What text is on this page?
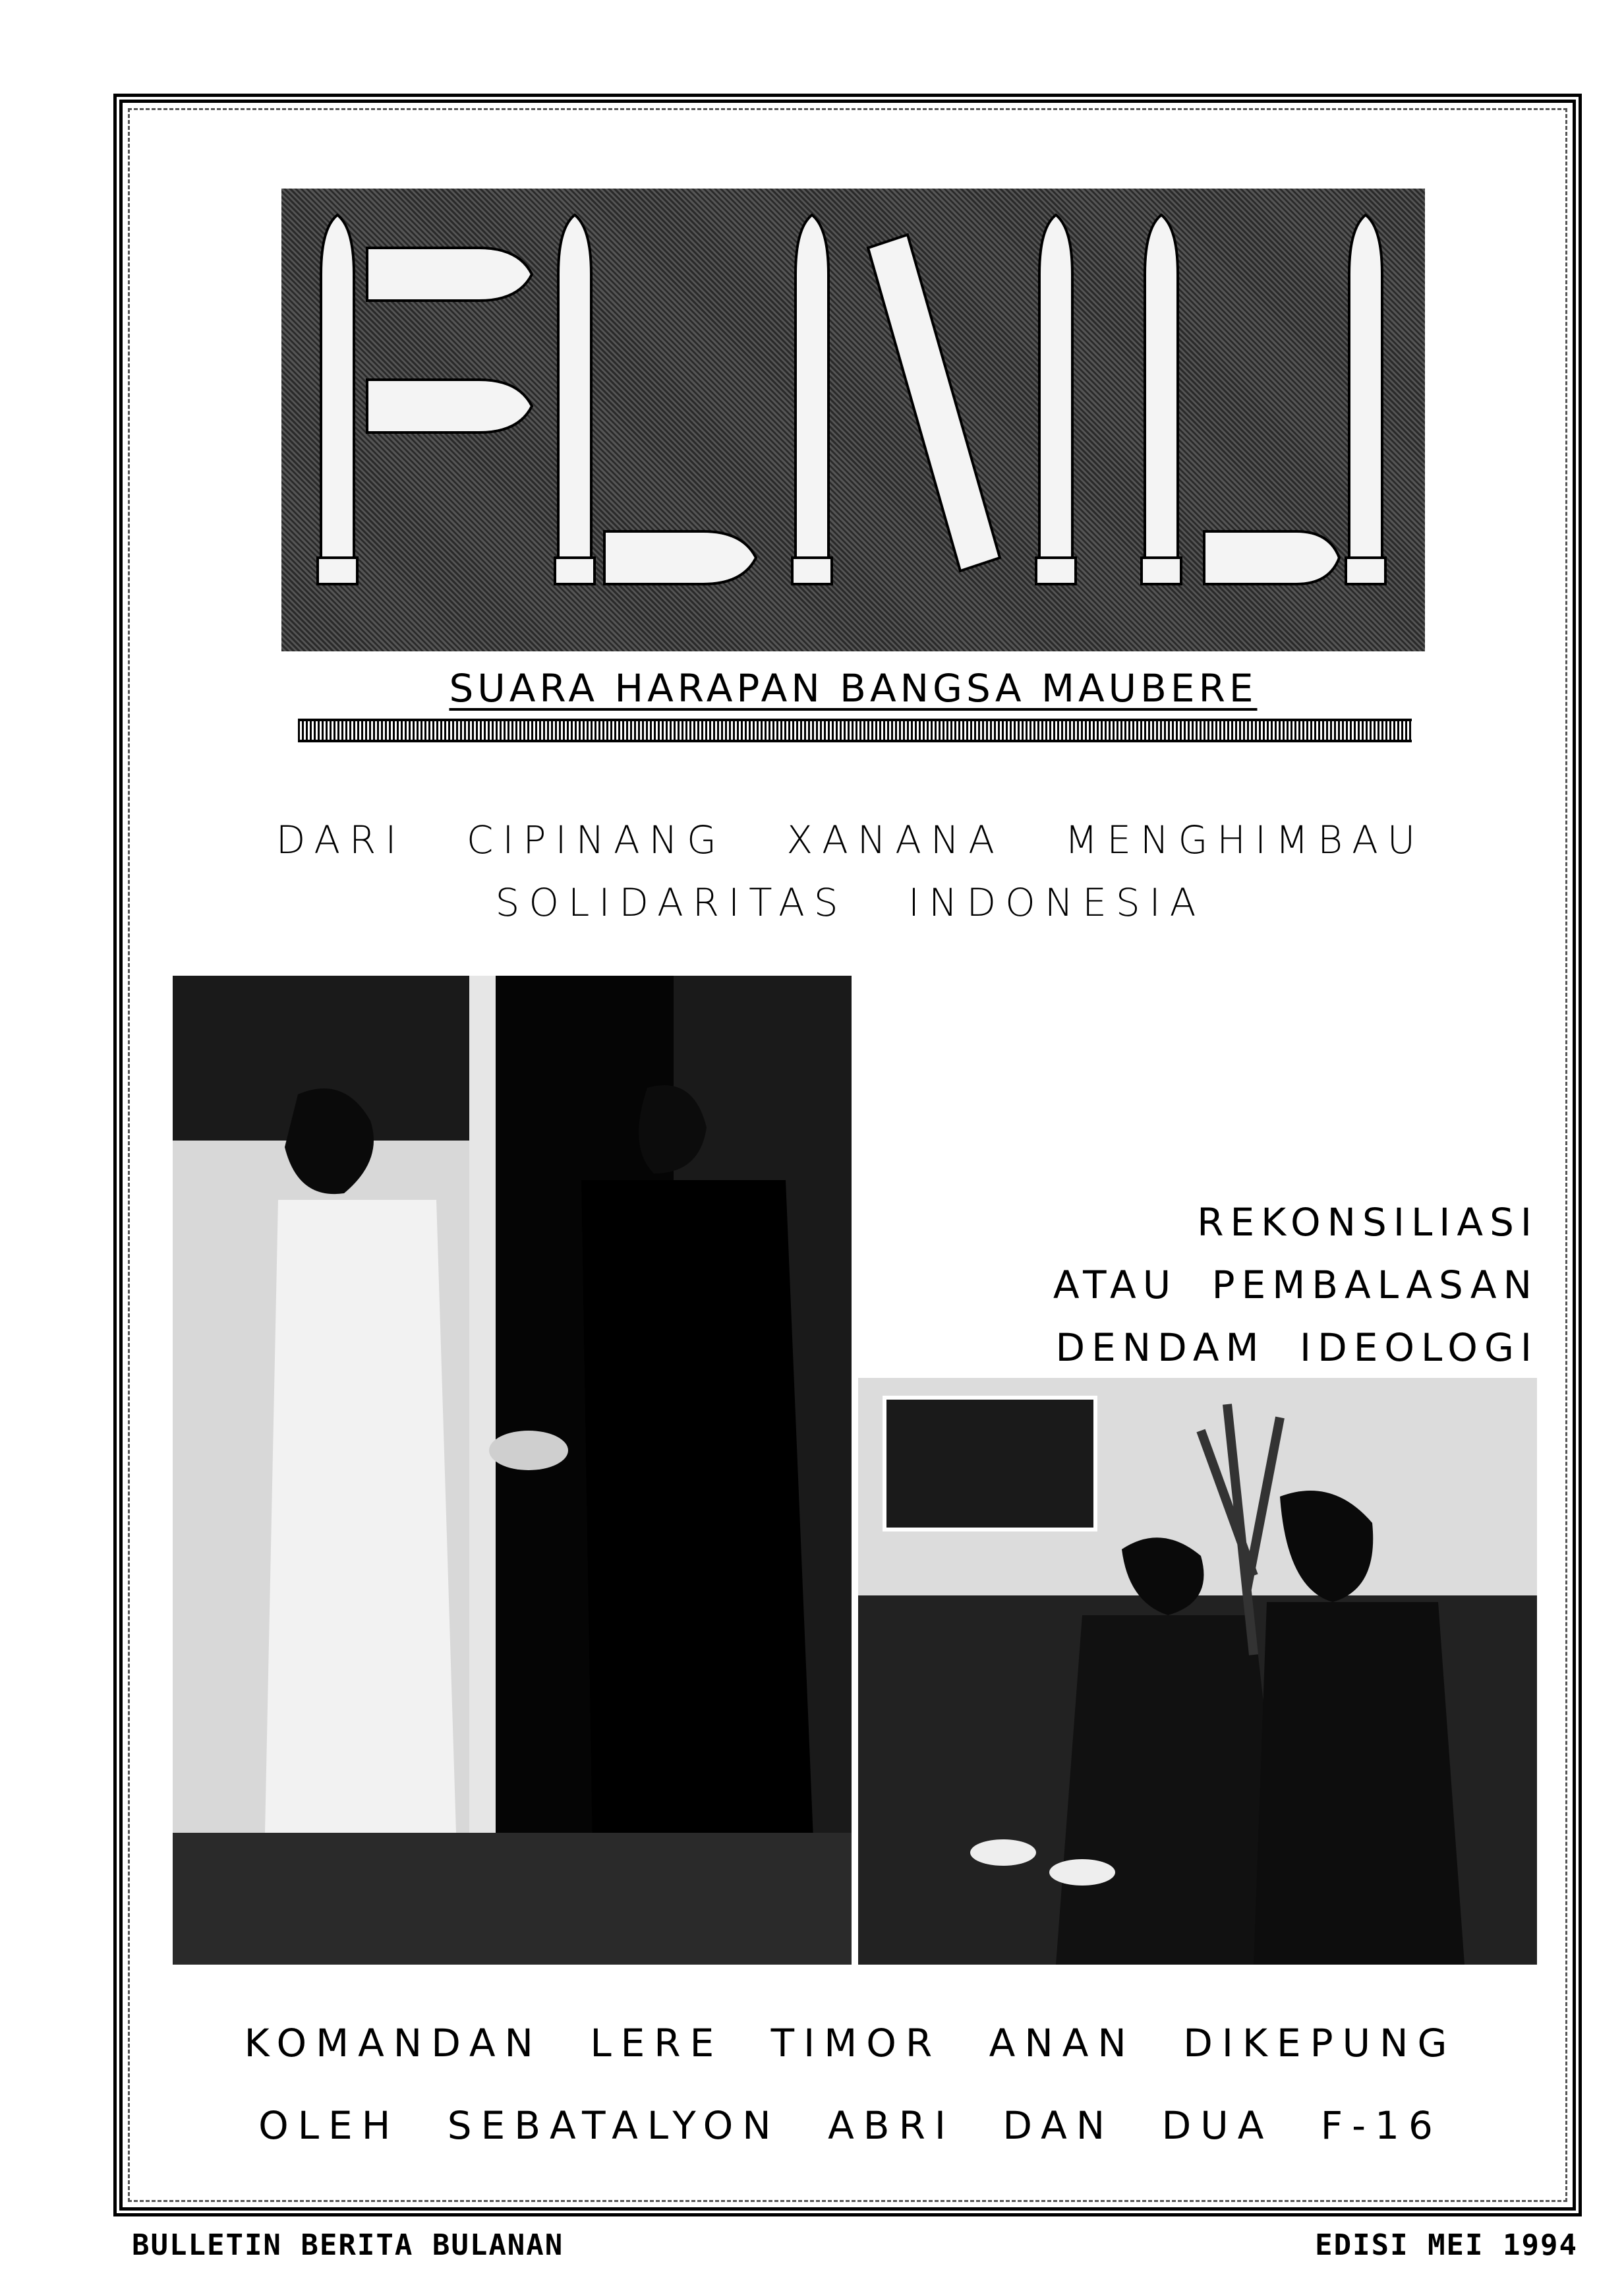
SUARA HARAPAN BANGSA MAUBERE
DARI CIPINANG XANANA MENGHIMBAU
SOLIDARITAS INDONESIA
REKONSILIASI
ATAU PEMBALASAN
DENDAM IDEOLOGI
KOMANDAN LERE TIMOR ANAN DIKEPUNG
OLEH SEBATALYON ABRI DAN DUA F-16
BULLETIN BERITA BULANAN	EDISI MEI 1994
